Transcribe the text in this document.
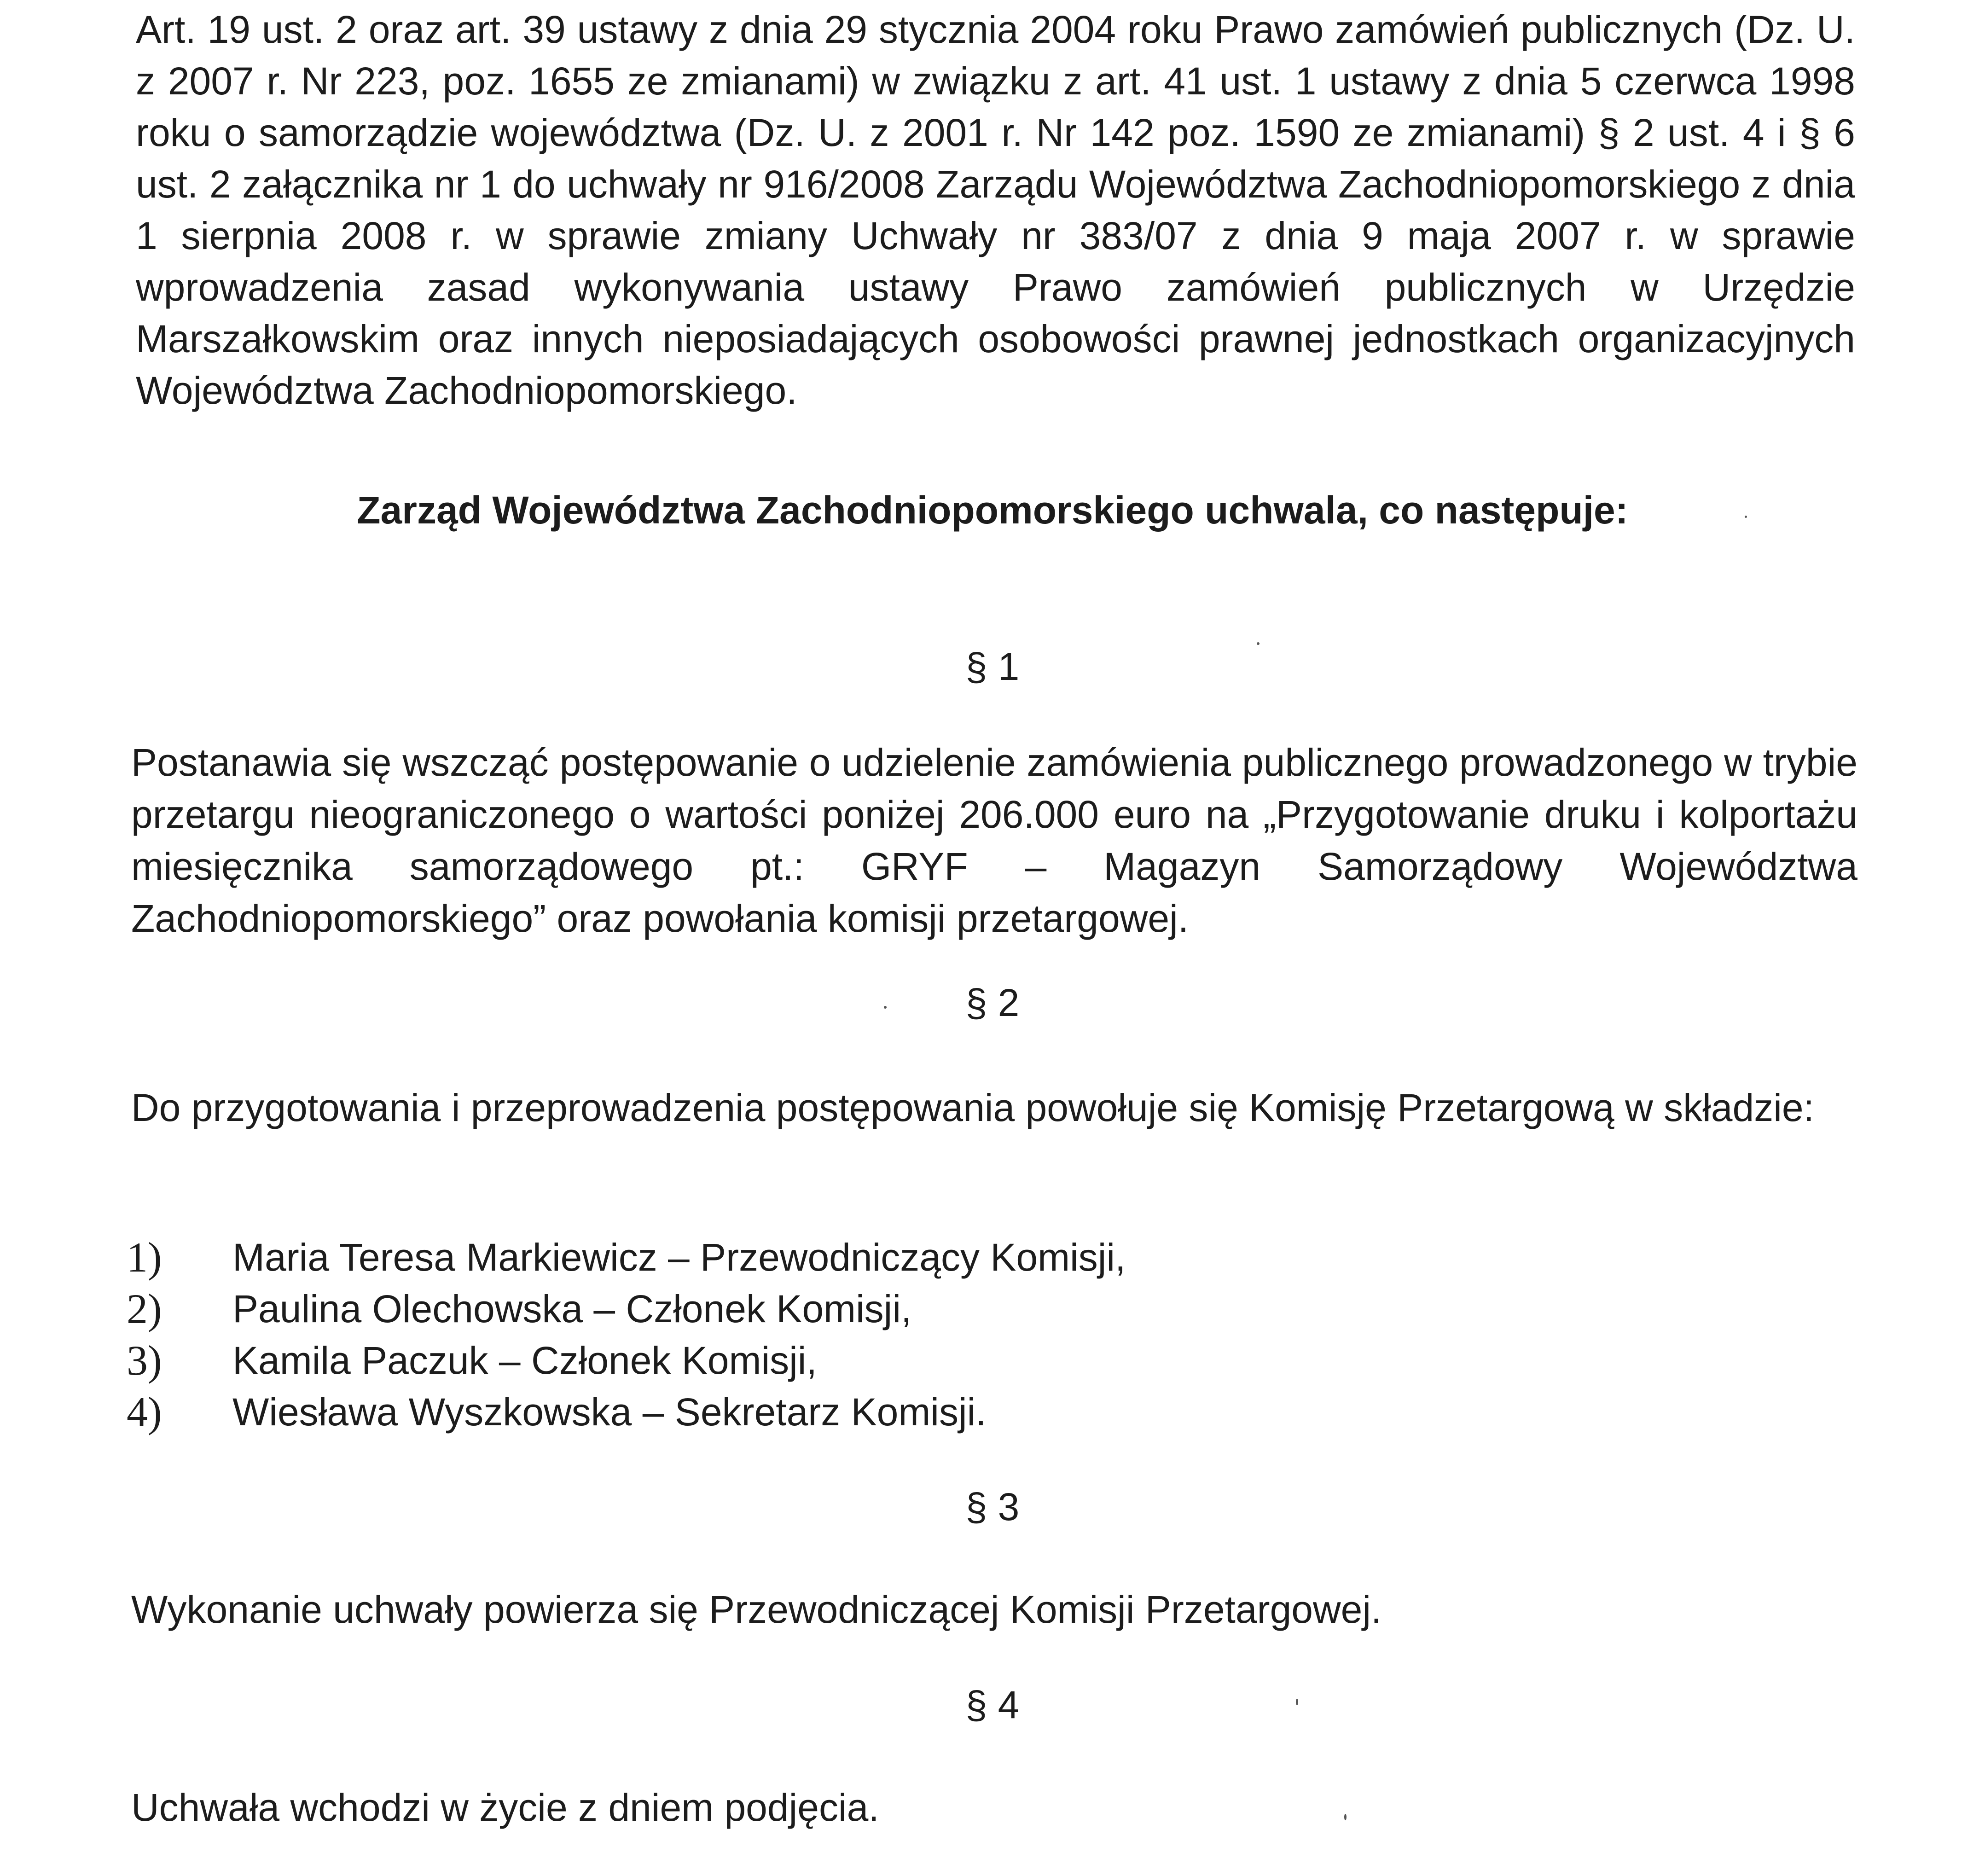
Art. 19 ust. 2 oraz art. 39 ustawy z dnia 29 stycznia 2004 roku Prawo zamówień publicznych (Dz. U. z 2007 r. Nr 223, poz. 1655 ze zmianami) w związku z art. 41 ust. 1 ustawy z dnia 5 czerwca 1998 roku o samorządzie województwa (Dz. U. z 2001 r. Nr 142 poz. 1590 ze zmianami) § 2 ust. 4 i § 6 ust. 2 załącznika nr 1 do uchwały nr 916/2008 Zarządu Województwa Zachodniopomorskiego z dnia 1 sierpnia 2008 r. w sprawie zmiany Uchwały nr 383/07 z dnia 9 maja 2007 r. w sprawie wprowadzenia zasad wykonywania ustawy Prawo zamówień publicznych w Urzędzie Marszałkowskim oraz innych nieposiadających osobowości prawnej jednostkach organizacyjnych Województwa Zachodniopomorskiego.

Zarząd Województwa Zachodniopomorskiego uchwala, co następuje:

§ 1

Postanawia się wszcząć postępowanie o udzielenie zamówienia publicznego prowadzonego w trybie przetargu nieograniczonego o wartości poniżej 206.000 euro na „Przygotowanie druku i kolportażu miesięcznika samorządowego pt.: GRYF – Magazyn Samorządowy Województwa Zachodniopomorskiego” oraz powołania komisji przetargowej.

§ 2

Do przygotowania i przeprowadzenia postępowania powołuje się Komisję Przetargową w składzie:

1)	Maria Teresa Markiewicz – Przewodniczący Komisji,
2)	Paulina Olechowska – Członek Komisji,
3)	Kamila Paczuk – Członek Komisji,
4)	Wiesława Wyszkowska – Sekretarz Komisji.

§ 3

Wykonanie uchwały powierza się Przewodniczącej Komisji Przetargowej.

§ 4

Uchwała wchodzi w życie z dniem podjęcia.
